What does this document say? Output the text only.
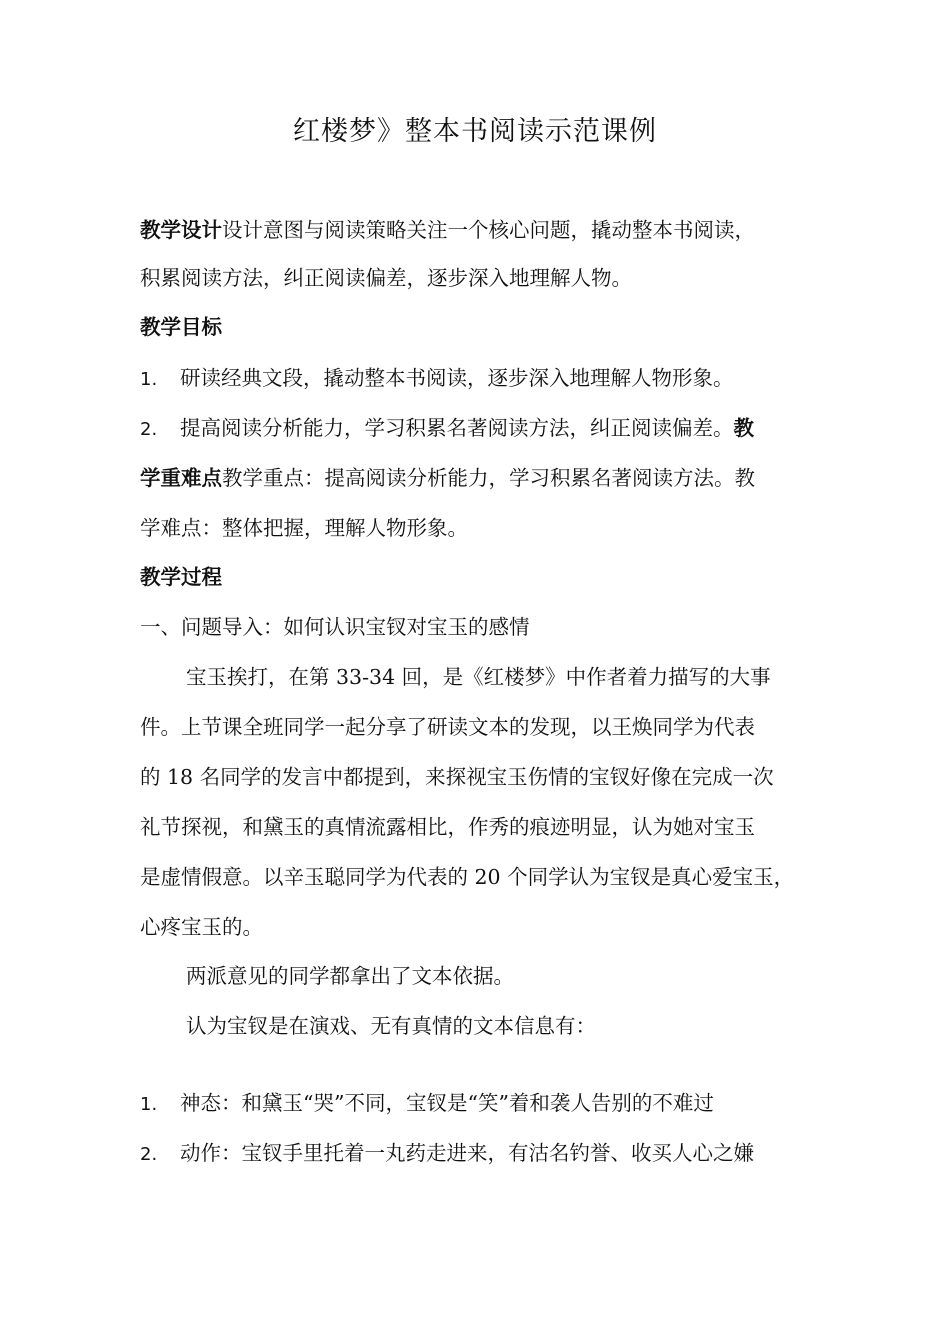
红楼梦》整本书阅读示范课例
教学设计设计意图与阅读策略关注一个核心问题，撬动整本书阅读，
积累阅读方法，纠正阅读偏差，逐步深入地理解人物。
教学目标
1. 研读经典文段，撬动整本书阅读，逐步深入地理解人物形象。
2. 提高阅读分析能力，学习积累名著阅读方法，纠正阅读偏差。教
学重难点教学重点：提高阅读分析能力，学习积累名著阅读方法。教
学难点：整体把握，理解人物形象。
教学过程
一、问题导入：如何认识宝钗对宝玉的感情
宝玉挨打，在第 33-34 回，是《红楼梦》中作者着力描写的大事
件。上节课全班同学一起分享了研读文本的发现，以王焕同学为代表
的 18 名同学的发言中都提到，来探视宝玉伤情的宝钗好像在完成一次
礼节探视，和黛玉的真情流露相比，作秀的痕迹明显，认为她对宝玉
是虚情假意。以辛玉聪同学为代表的 20 个同学认为宝钗是真心爱宝玉，
心疼宝玉的。
两派意见的同学都拿出了文本依据。
认为宝钗是在演戏、无有真情的文本信息有：
1. 神态：和黛玉“哭”不同，宝钗是“笑”着和袭人告别的不难过
2. 动作：宝钗手里托着一丸药走进来，有沽名钓誉、收买人心之嫌
